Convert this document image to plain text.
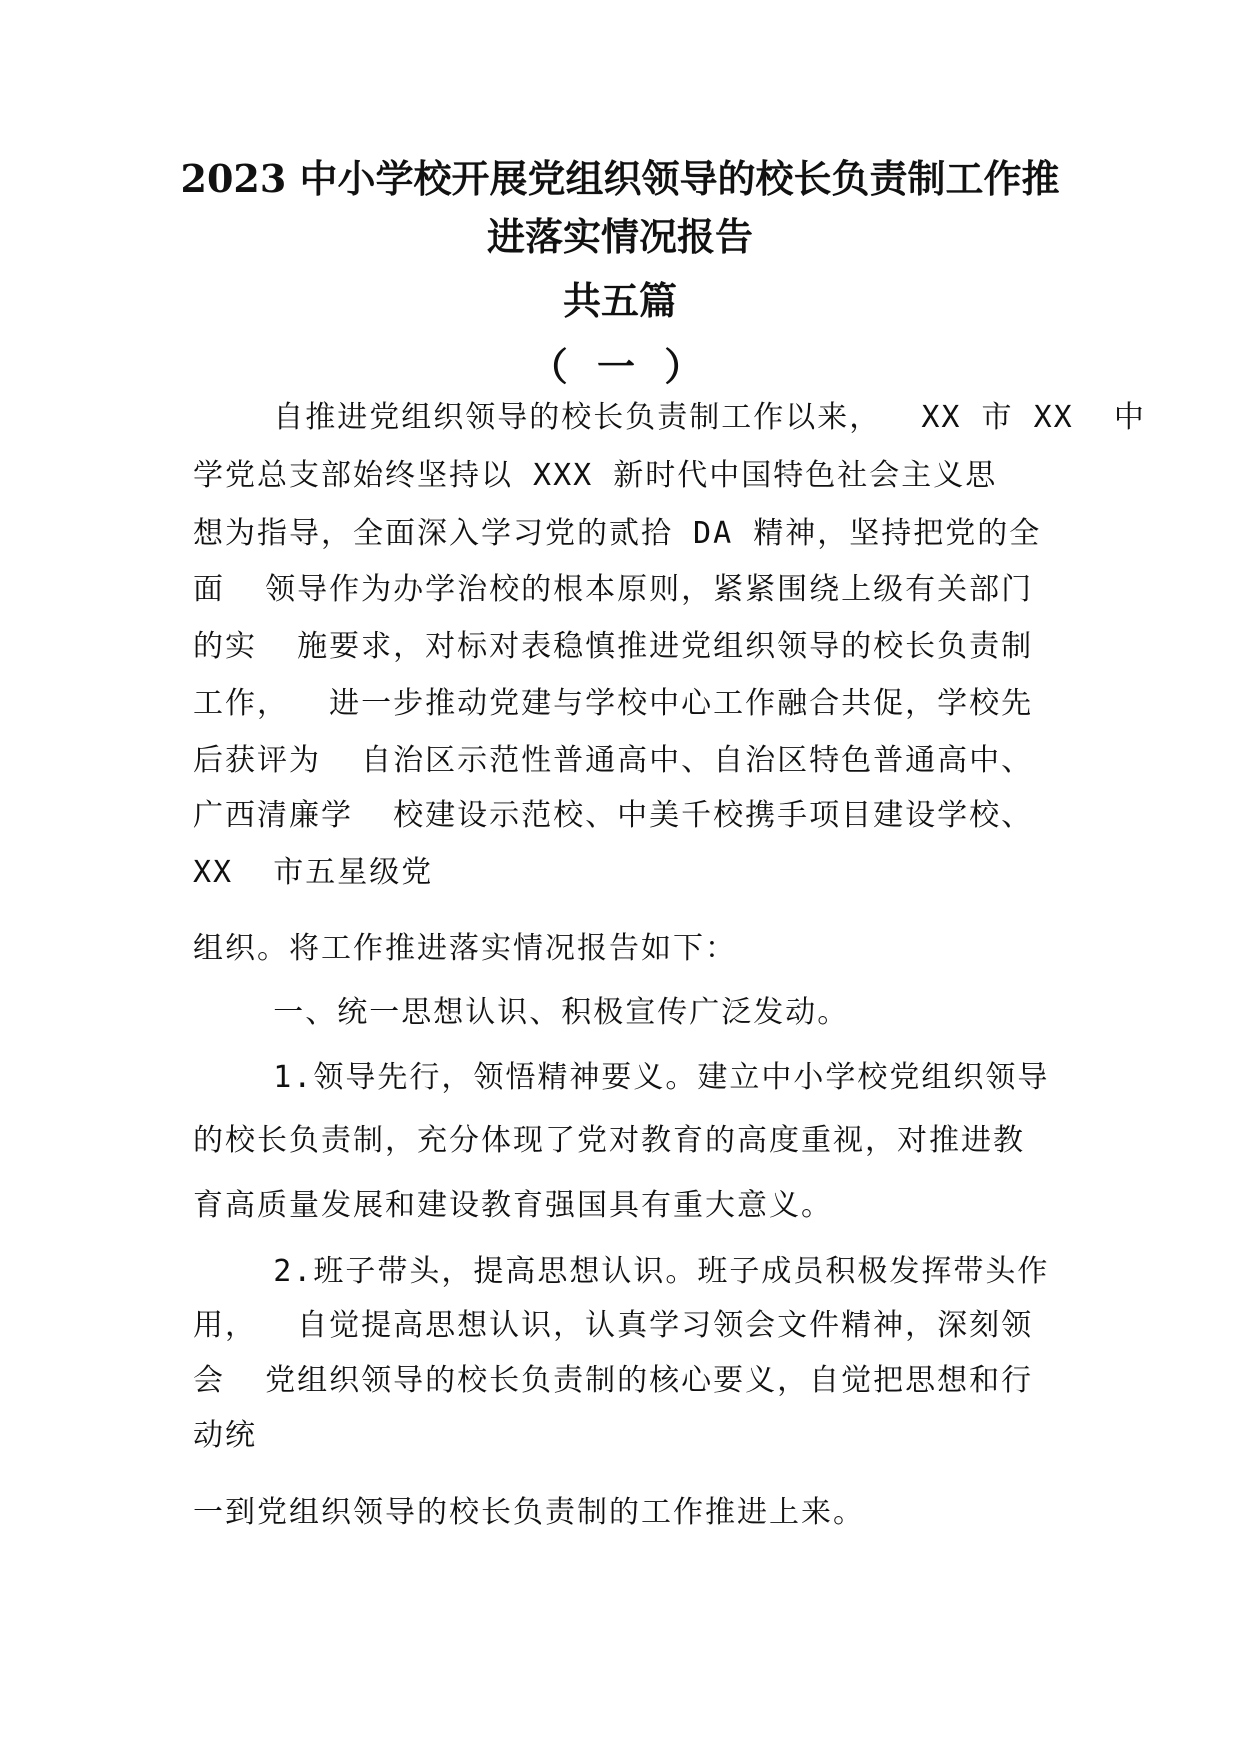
2023 中小学校开展党组织领导的校长负责制工作推
进落实情况报告
共五篇
（ 一 ）
自推进党组织领导的校长负责制工作以来，  XX 市 XX  中
学党总支部始终坚持以 XXX 新时代中国特色社会主义思
想为指导，全面深入学习党的贰拾 DA 精神，坚持把党的全
面  领导作为办学治校的根本原则，紧紧围绕上级有关部门
的实  施要求，对标对表稳慎推进党组织领导的校长负责制
工作，  进一步推动党建与学校中心工作融合共促，学校先
后获评为  自治区示范性普通高中、自治区特色普通高中、
广西清廉学  校建设示范校、中美千校携手项目建设学校、
XX  市五星级党
组织。将工作推进落实情况报告如下：
一、统一思想认识、积极宣传广泛发动。
1.领导先行，领悟精神要义。建立中小学校党组织领导
的校长负责制，充分体现了党对教育的高度重视，对推进教
育高质量发展和建设教育强国具有重大意义。
2.班子带头，提高思想认识。班子成员积极发挥带头作
用，  自觉提高思想认识，认真学习领会文件精神，深刻领
会  党组织领导的校长负责制的核心要义，自觉把思想和行
动统
一到党组织领导的校长负责制的工作推进上来。
